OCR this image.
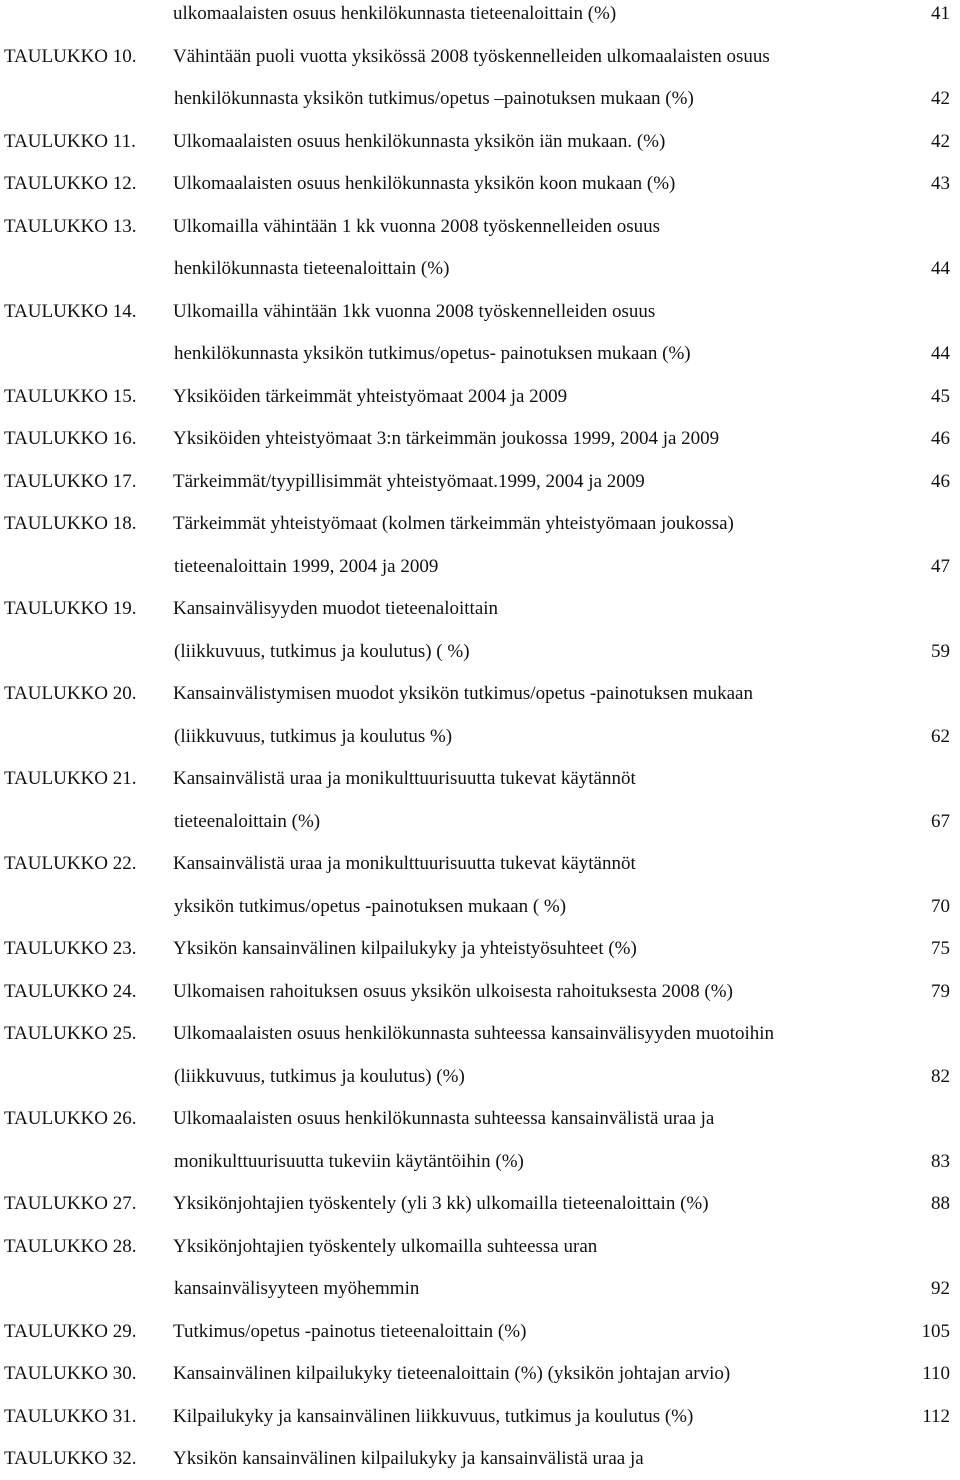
ulkomaalaisten osuus henkilökunnasta tieteenaloittain (%)	41
TAULUKKO 10. Vähintään puoli vuotta yksikössä 2008 työskennelleiden ulkomaalaisten osuus
henkilökunnasta yksikön tutkimus/opetus –painotuksen mukaan (%)	42
TAULUKKO 11. Ulkomaalaisten osuus henkilökunnasta yksikön iän mukaan. (%)	42
TAULUKKO 12. Ulkomaalaisten osuus henkilökunnasta yksikön koon mukaan (%)	43
TAULUKKO 13. Ulkomailla vähintään 1 kk vuonna 2008 työskennelleiden osuus
henkilökunnasta tieteenaloittain (%)	44
TAULUKKO 14. Ulkomailla vähintään 1kk vuonna 2008 työskennelleiden osuus
henkilökunnasta yksikön tutkimus/opetus- painotuksen mukaan (%)	44
TAULUKKO 15. Yksiköiden tärkeimmät yhteistyömaat 2004 ja 2009	45
TAULUKKO 16. Yksiköiden yhteistyömaat 3:n tärkeimmän joukossa 1999, 2004 ja 2009	46
TAULUKKO 17. Tärkeimmät/tyypillisimmät yhteistyömaat.1999, 2004 ja 2009	46
TAULUKKO 18. Tärkeimmät yhteistyömaat (kolmen tärkeimmän yhteistyömaan joukossa)
tieteenaloittain 1999, 2004 ja 2009	47
TAULUKKO 19. Kansainvälisyyden muodot tieteenaloittain
(liikkuvuus, tutkimus ja koulutus) ( %)	59
TAULUKKO 20. Kansainvälistymisen muodot yksikön tutkimus/opetus -painotuksen mukaan
(liikkuvuus, tutkimus ja koulutus %)	62
TAULUKKO 21. Kansainvälistä uraa ja monikulttuurisuutta tukevat käytännöt
tieteenaloittain (%)	67
TAULUKKO 22. Kansainvälistä uraa ja monikulttuurisuutta tukevat käytännöt
yksikön tutkimus/opetus -painotuksen mukaan ( %)	70
TAULUKKO 23. Yksikön kansainvälinen kilpailukyky ja yhteistyösuhteet (%)	75
TAULUKKO 24. Ulkomaisen rahoituksen osuus yksikön ulkoisesta rahoituksesta 2008 (%)	79
TAULUKKO 25. Ulkomaalaisten osuus henkilökunnasta suhteessa kansainvälisyyden muotoihin
(liikkuvuus, tutkimus ja koulutus) (%)	82
TAULUKKO 26. Ulkomaalaisten osuus henkilökunnasta suhteessa kansainvälistä uraa ja
monikulttuurisuutta tukeviin käytäntöihin (%)	83
TAULUKKO 27. Yksikönjohtajien työskentely (yli 3 kk) ulkomailla tieteenaloittain (%)	88
TAULUKKO 28. Yksikönjohtajien työskentely ulkomailla suhteessa uran
kansainvälisyyteen myöhemmin	92
TAULUKKO 29. Tutkimus/opetus -painotus tieteenaloittain (%)	105
TAULUKKO 30. Kansainvälinen kilpailukyky tieteenaloittain (%) (yksikön johtajan arvio)	110
TAULUKKO 31. Kilpailukyky ja kansainvälinen liikkuvuus, tutkimus ja koulutus (%)	112
TAULUKKO 32. Yksikön kansainvälinen kilpailukyky ja kansainvälistä uraa ja
